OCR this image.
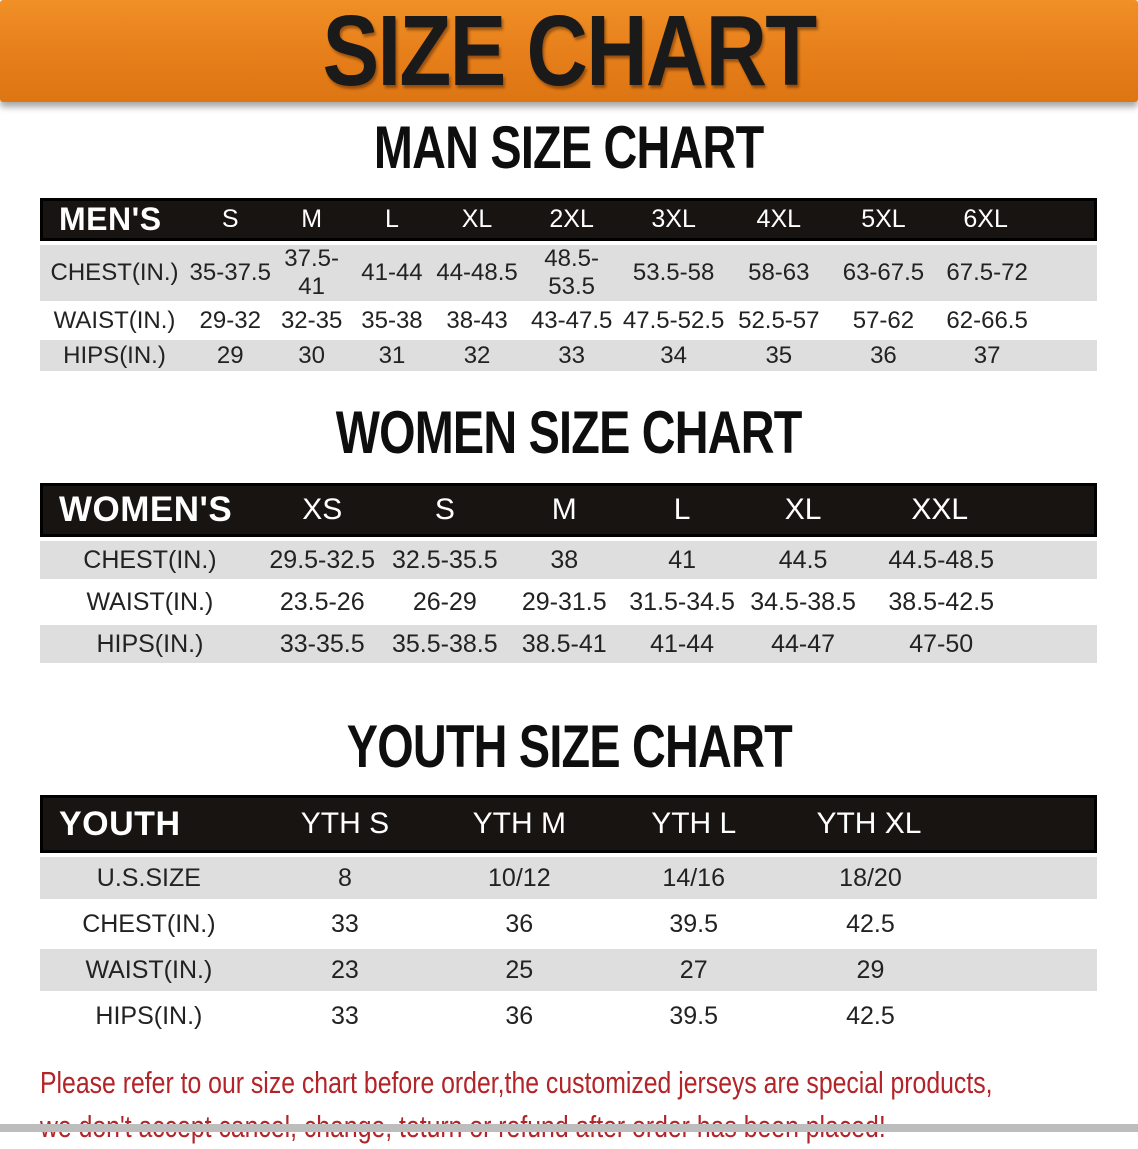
SIZE CHART
MAN SIZE CHART
MEN'S	S	M	L	XL	2XL	3XL	4XL	5XL	6XL
CHEST(IN.)	35-37.5	37.5-41	41-44	44-48.5	48.5-53.5	53.5-58	58-63	63-67.5	67.5-72
WAIST(IN.)	29-32	32-35	35-38	38-43	43-47.5	47.5-52.5	52.5-57	57-62	62-66.5
HIPS(IN.)	29	30	31	32	33	34	35	36	37
WOMEN SIZE CHART
WOMEN'S	XS	S	M	L	XL	XXL
CHEST(IN.)	29.5-32.5	32.5-35.5	38	41	44.5	44.5-48.5
WAIST(IN.)	23.5-26	26-29	29-31.5	31.5-34.5	34.5-38.5	38.5-42.5
HIPS(IN.)	33-35.5	35.5-38.5	38.5-41	41-44	44-47	47-50
YOUTH SIZE CHART
YOUTH	YTH S	YTH M	YTH L	YTH XL
U.S.SIZE	8	10/12	14/16	18/20
CHEST(IN.)	33	36	39.5	42.5
WAIST(IN.)	23	25	27	29
HIPS(IN.)	33	36	39.5	42.5
Please refer to our size chart before order,the customized jerseys are special products,
